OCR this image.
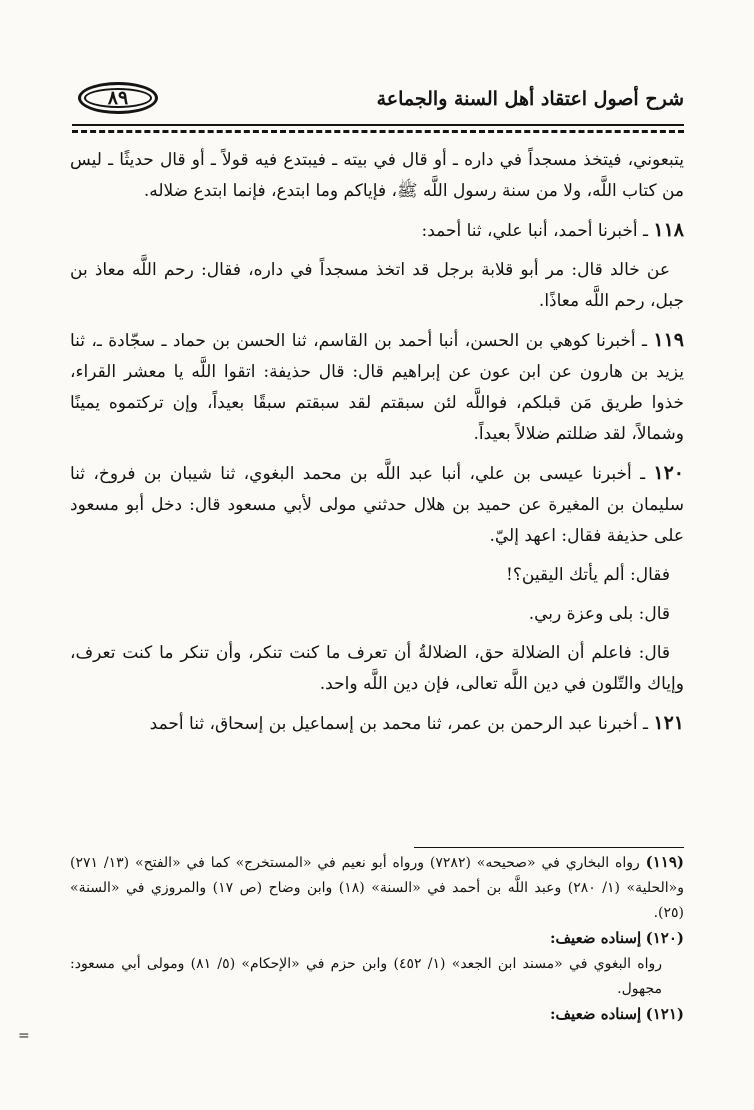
شرح أصول اعتقاد أهل السنة والجماعة
٨٩

يتبعوني، فيتخذ مسجداً في داره ـ أو قال في بيته ـ فيبتدع فيه قولاً ـ أو قال حديثًا ـ ليس من كتاب اللَّه، ولا من سنة رسول اللَّه ﷺ، فإياكم وما ابتدع، فإنما ابتدع ضلاله.

١١٨ ـ أخبرنا أحمد، أنبا علي، ثنا أحمد:

عن خالد قال: مر أبو قلابة برجل قد اتخذ مسجداً في داره، فقال: رحم اللَّه معاذ بن جبل، رحم اللَّه معاذًا.

١١٩ ـ أخبرنا كوهي بن الحسن، أنبا أحمد بن القاسم، ثنا الحسن بن حماد ـ سجّادة ـ، ثنا يزيد بن هارون عن ابن عون عن إبراهيم قال: قال حذيفة: اتقوا اللَّه يا معشر القراء، خذوا طريق مَن قبلكم، فواللَّه لئن سبقتم لقد سبقتم سبقًا بعيداً، وإن تركتموه يمينًا وشمالاً، لقد ضللتم ضلالاً بعيداً.

١٢٠ ـ أخبرنا عيسى بن علي، أنبا عبد اللَّه بن محمد البغوي، ثنا شيبان بن فروخ، ثنا سليمان بن المغيرة عن حميد بن هلال حدثني مولى لأبي مسعود قال: دخل أبو مسعود على حذيفة فقال: اعهد إليّ.

فقال: ألم يأتك اليقين؟!

قال: بلى وعزة ربي.

قال: فاعلم أن الضلالة حق، الضلالةُ أن تعرف ما كنت تنكر، وأن تنكر ما كنت تعرف، وإياك والتّلون في دين اللَّه تعالى، فإن دين اللَّه واحد.

١٢١ ـ أخبرنا عبد الرحمن بن عمر، ثنا محمد بن إسماعيل بن إسحاق، ثنا أحمد

(١١٩) رواه البخاري في «صحيحه» (٧٢٨٢) ورواه أبو نعيم في «المستخرج» كما في «الفتح» (١٣/ ٢٧١) و«الحلية» (١/ ٢٨٠) وعبد اللَّه بن أحمد في «السنة» (١٨) وابن وضاح (ص ١٧) والمروزي في «السنة» (٢٥).

(١٢٠) إسناده ضعيف:

رواه البغوي في «مسند ابن الجعد» (١/ ٤٥٢) وابن حزم في «الإحكام» (٥/ ٨١) ومولى أبي مسعود: مجهول.

(١٢١) إسناده ضعيف:

=
